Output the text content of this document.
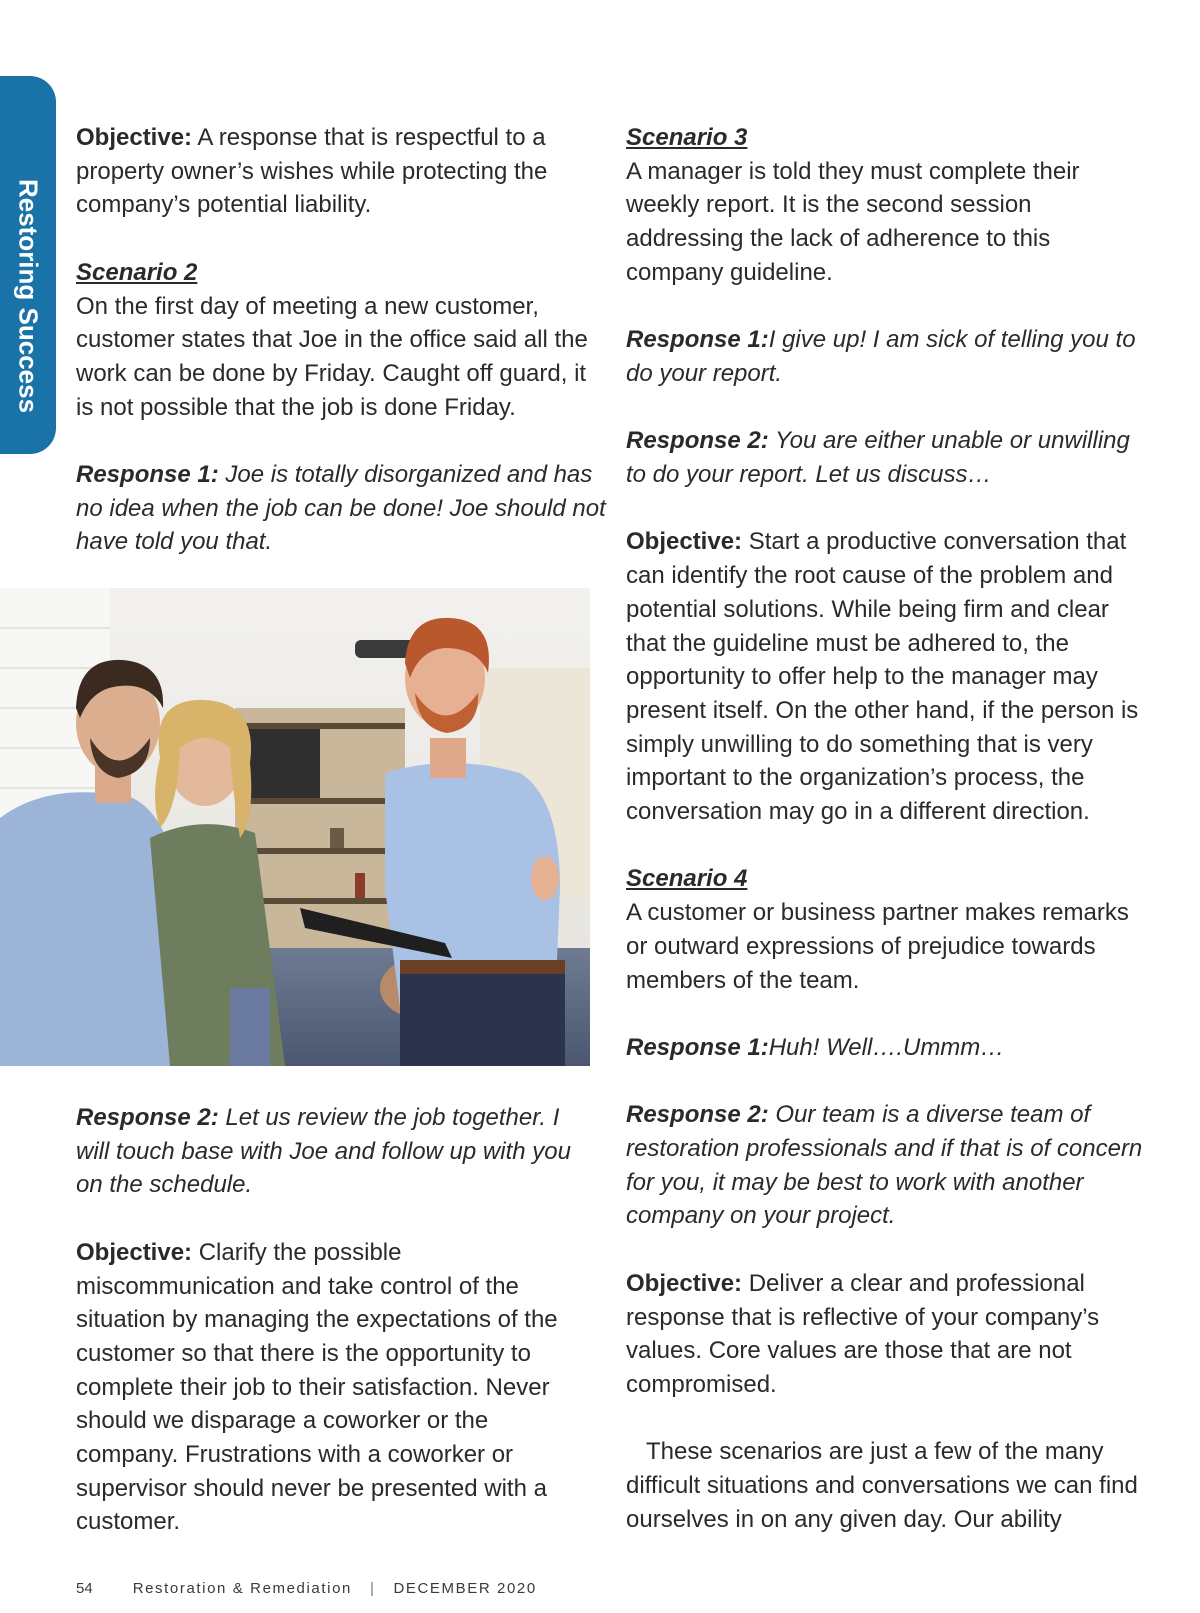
Restoring Success

Objective: A response that is respectful to a property owner’s wishes while protecting the company’s potential liability.

Scenario 2
On the first day of meeting a new customer, customer states that Joe in the office said all the work can be done by Friday. Caught off guard, it is not possible that the job is done Friday.

Response 1: Joe is totally disorganized and has no idea when the job can be done! Joe should not have told you that.

Response 2: Let us review the job together. I will touch base with Joe and follow up with you on the schedule.

Objective: Clarify the possible miscommunication and take control of the situation by managing the expectations of the customer so that there is the opportunity to complete their job to their satisfaction. Never should we disparage a coworker or the company. Frustrations with a coworker or supervisor should never be presented with a customer.

Scenario 3
A manager is told they must complete their weekly report. It is the second session addressing the lack of adherence to this company guideline.

Response 1:I give up! I am sick of telling you to do your report.

Response 2: You are either unable or unwilling to do your report. Let us discuss…

Objective: Start a productive conversation that can identify the root cause of the problem and potential solutions. While being firm and clear that the guideline must be adhered to, the opportunity to offer help to the manager may present itself. On the other hand, if the person is simply unwilling to do something that is very important to the organization’s process, the conversation may go in a different direction.

Scenario 4
A customer or business partner makes remarks or outward expressions of prejudice towards members of the team.

Response 1:Huh! Well….Ummm…

Response 2: Our team is a diverse team of restoration professionals and if that is of concern for you, it may be best to work with another company on your project.

Objective: Deliver a clear and professional response that is reflective of your company’s values. Core values are those that are not compromised.

These scenarios are just a few of the many difficult situations and conversations we can find ourselves in on any given day. Our ability

54	Restoration & Remediation | DECEMBER 2020
